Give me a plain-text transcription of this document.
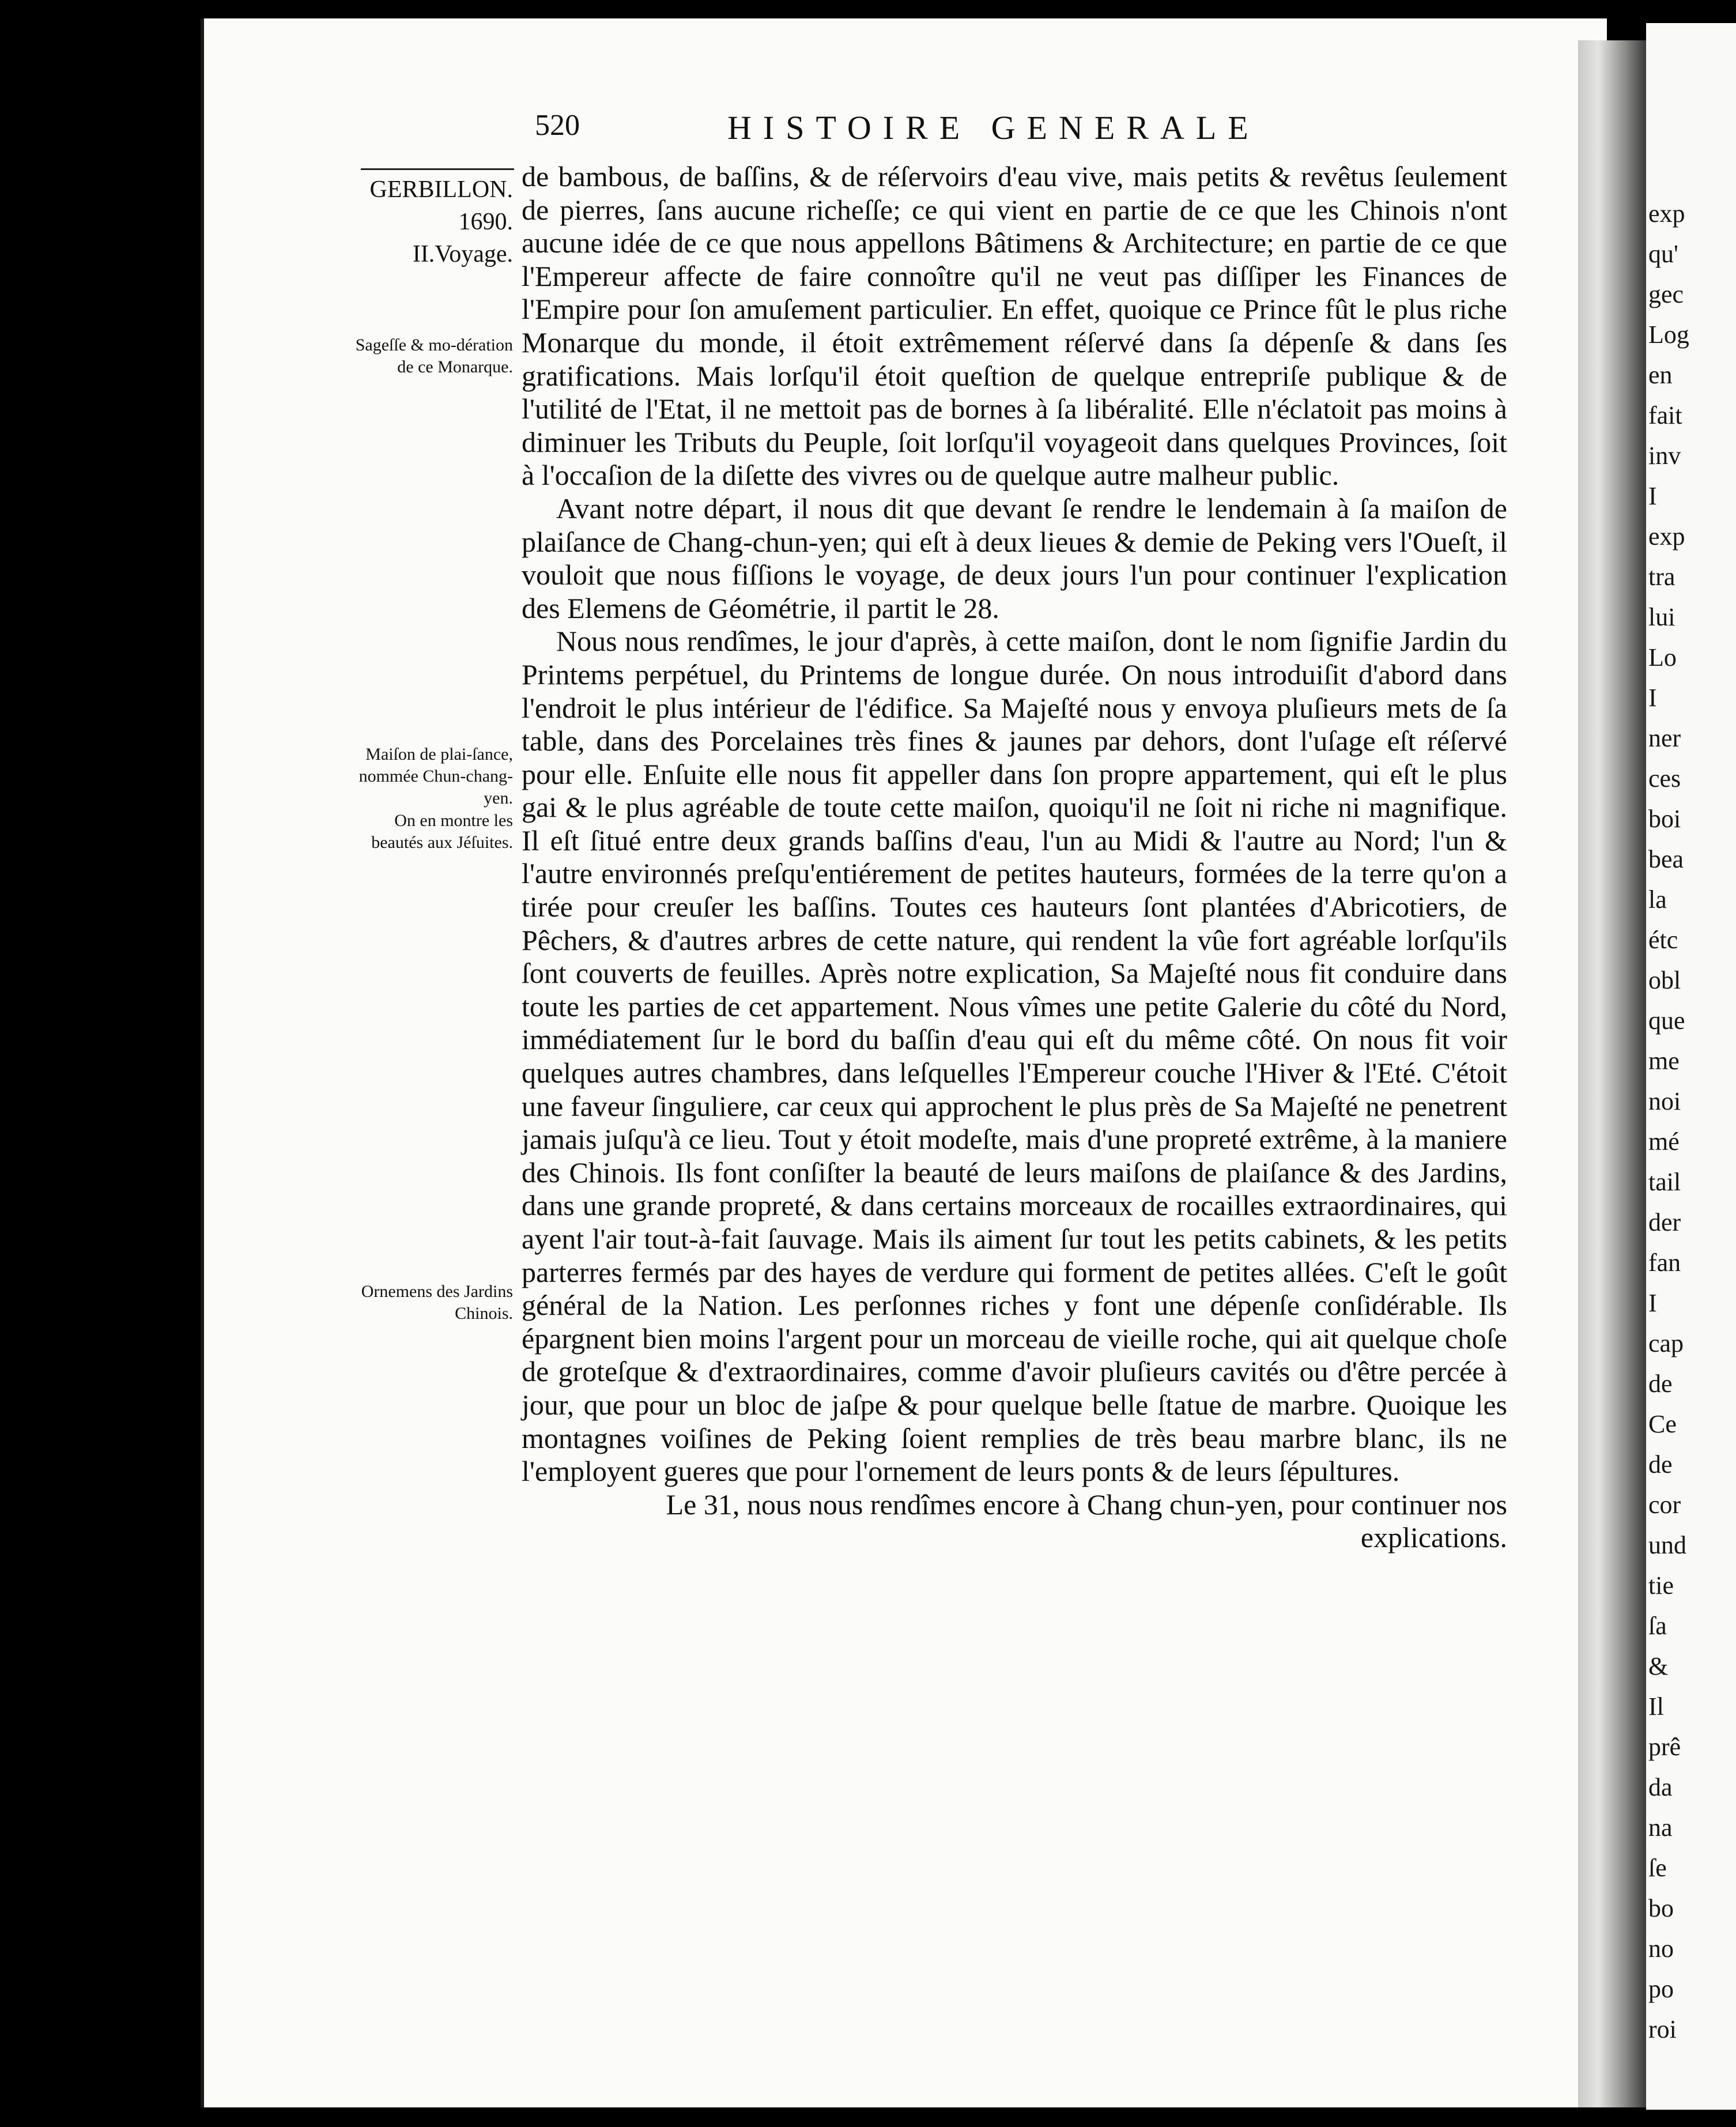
exp
qu'
gec
Log
en
fait
inv
I
exp
tra
lui
Lo
I
ner
ces
boi
bea
la
étc
obl
que
me
noi
mé
tail
der
fan
I
cap
de
Ce
de
cor
und
tie
ſa
&
Il
prê
da
na
ſe
bo
no
po
roi
520	HISTOIRE GENERALE
GERBILLON.
1690.
II.Voyage.
Sageſſe & mo-dération de ce Monarque.
Maiſon de plai-ſance, nommée Chun-chang-yen.
On en montre les beautés aux Jéſuites.
Ornemens des Jardins Chinois.

de bambous, de baſſins, & de réſervoirs d'eau vive, mais petits & revêtus ſeulement de pierres, ſans aucune richeſſe; ce qui vient en partie de ce que les Chinois n'ont aucune idée de ce que nous appellons Bâtimens & Architecture; en partie de ce que l'Empereur affecte de faire connoître qu'il ne veut pas diſſiper les Finances de l'Empire pour ſon amuſement particulier. En effet, quoique ce Prince fût le plus riche Monarque du monde, il étoit extrêmement réſervé dans ſa dépenſe & dans ſes gratifications. Mais lorſqu'il étoit queſtion de quelque entrepriſe publique & de l'utilité de l'Etat, il ne mettoit pas de bornes à ſa libéralité. Elle n'éclatoit pas moins à diminuer les Tributs du Peuple, ſoit lorſqu'il voyageoit dans quelques Provinces, ſoit à l'occaſion de la diſette des vivres ou de quelque autre malheur public.

Avant notre départ, il nous dit que devant ſe rendre le lendemain à ſa maiſon de plaiſance de Chang-chun-yen; qui eſt à deux lieues & demie de Peking vers l'Oueſt, il vouloit que nous fiſſions le voyage, de deux jours l'un pour continuer l'explication des Elemens de Géométrie, il partit le 28.

Nous nous rendîmes, le jour d'après, à cette maiſon, dont le nom ſignifie Jardin du Printems perpétuel, du Printems de longue durée. On nous introduiſit d'abord dans l'endroit le plus intérieur de l'édifice. Sa Majeſté nous y envoya pluſieurs mets de ſa table, dans des Porcelaines très fines & jaunes par dehors, dont l'uſage eſt réſervé pour elle. Enſuite elle nous fit appeller dans ſon propre appartement, qui eſt le plus gai & le plus agréable de toute cette maiſon, quoiqu'il ne ſoit ni riche ni magnifique. Il eſt ſitué entre deux grands baſſins d'eau, l'un au Midi & l'autre au Nord; l'un & l'autre environnés preſqu'entiérement de petites hauteurs, formées de la terre qu'on a tirée pour creuſer les baſſins. Toutes ces hauteurs ſont plantées d'Abricotiers, de Pêchers, & d'autres arbres de cette nature, qui rendent la vûe fort agréable lorſqu'ils ſont couverts de feuilles. Après notre explication, Sa Majeſté nous fit conduire dans toute les parties de cet appartement. Nous vîmes une petite Galerie du côté du Nord, immédiatement ſur le bord du baſſin d'eau qui eſt du même côté. On nous fit voir quelques autres chambres, dans leſquelles l'Empereur couche l'Hiver & l'Eté. C'étoit une faveur ſinguliere, car ceux qui approchent le plus près de Sa Majeſté ne penetrent jamais juſqu'à ce lieu. Tout y étoit modeſte, mais d'une propreté extrême, à la maniere des Chinois. Ils font conſiſter la beauté de leurs maiſons de plaiſance & des Jardins, dans une grande propreté, & dans certains morceaux de rocailles extraordinaires, qui ayent l'air tout-à-fait ſauvage. Mais ils aiment ſur tout les petits cabinets, & les petits parterres fermés par des hayes de verdure qui forment de petites allées. C'eſt le goût général de la Nation. Les perſonnes riches y font une dépenſe conſidérable. Ils épargnent bien moins l'argent pour un morceau de vieille roche, qui ait quelque choſe de groteſque & d'extraordinaires, comme d'avoir pluſieurs cavités ou d'être percée à jour, que pour un bloc de jaſpe & pour quelque belle ſtatue de marbre. Quoique les montagnes voiſines de Peking ſoient remplies de très beau marbre blanc, ils ne l'employent gueres que pour l'ornement de leurs ponts & de leurs ſépultures.

Le 31, nous nous rendîmes encore à Chang chun-yen, pour continuer nos explications.
